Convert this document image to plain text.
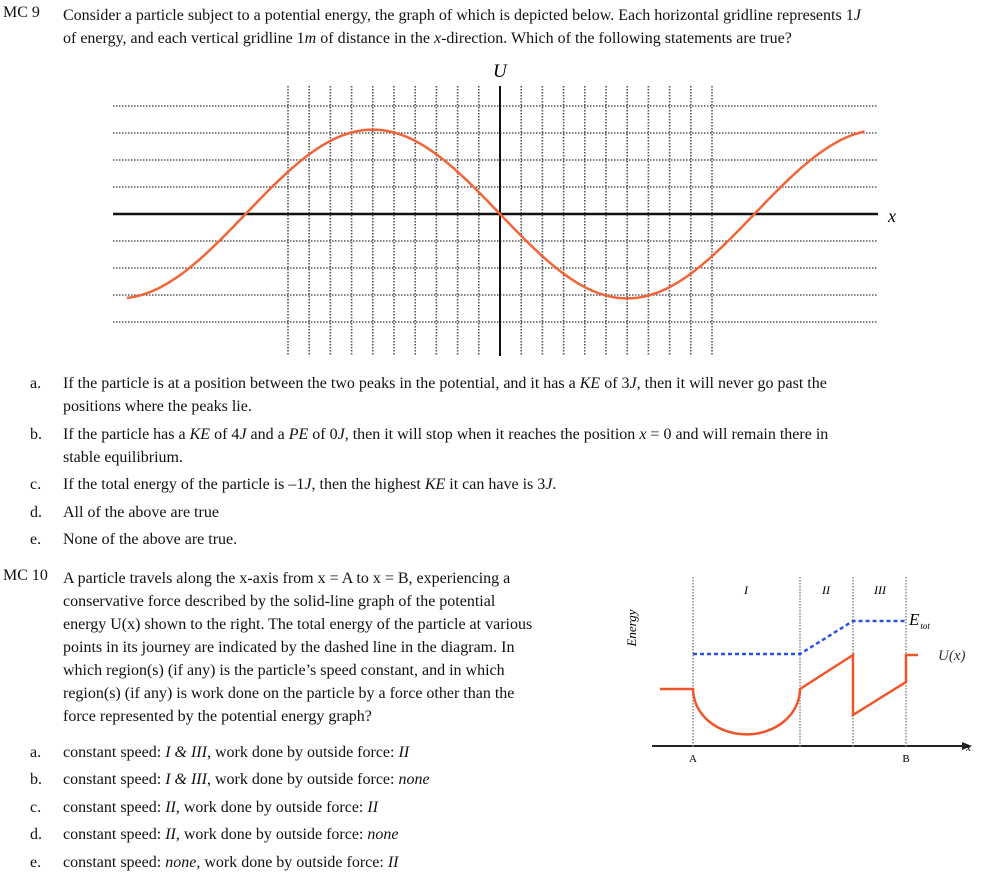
MC 9 Consider a particle subject to a potential energy, the graph of which is depicted below. Each horizontal gridline represents 1J
of energy, and each vertical gridline 1m of distance in the x-direction. Which of the following statements are true?
U
x
a. If the particle is at a position between the two peaks in the potential, and it has a KE of 3J, then it will never go past the
positions where the peaks lie.
b. If the particle has a KE of 4J and a PE of 0J, then it will stop when it reaches the position x = 0 and will remain there in
stable equilibrium.
c. If the total energy of the particle is –1J, then the highest KE it can have is 3J.
d. All of the above are true
e. None of the above are true.
MC 10 A particle travels along the x-axis from x = A to x = B, experiencing a
conservative force described by the solid-line graph of the potential
energy U(x) shown to the right. The total energy of the particle at various
points in its journey are indicated by the dashed line in the diagram. In
which region(s) (if any) is the particle’s speed constant, and in which
region(s) (if any) is work done on the particle by a force other than the
force represented by the potential energy graph?
Energy
x
I	II	III
A	B
$E_{tot}$
U(x)
a. constant speed: I & III, work done by outside force: II
b. constant speed: I & III, work done by outside force: none
c. constant speed: II, work done by outside force: II
d. constant speed: II, work done by outside force: none
e. constant speed: none, work done by outside force: II
